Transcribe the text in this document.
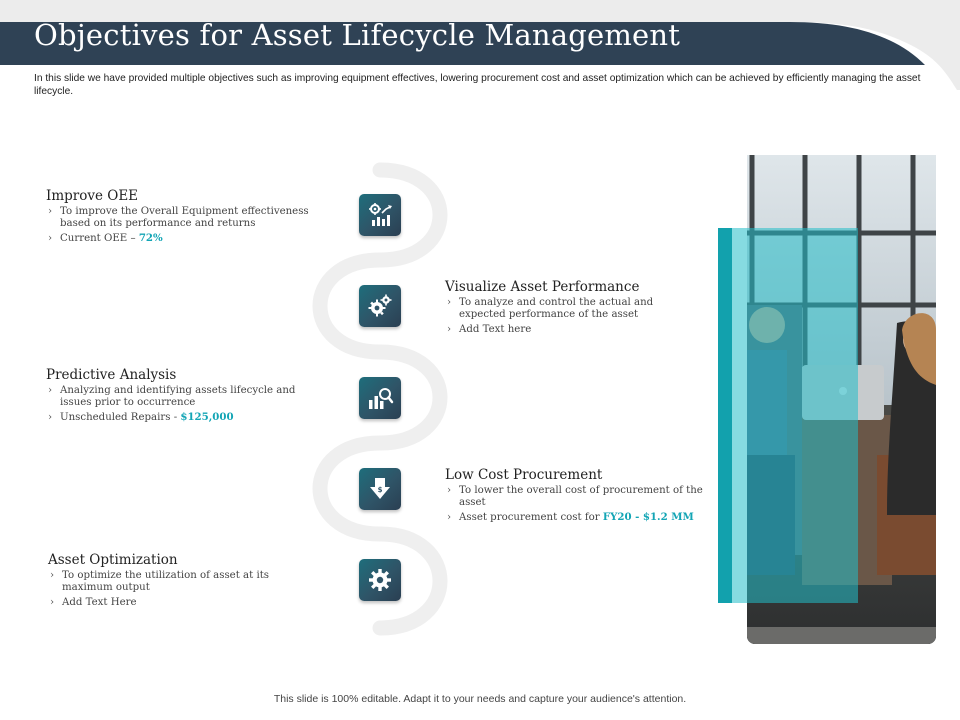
Objectives for Asset Lifecycle Management
In this slide we have provided multiple objectives such as improving equipment effectives, lowering procurement cost and asset optimization which can be achieved by efficiently managing the asset lifecycle.
$
Improve OEE
› To improve the Overall Equipment effectiveness based on its performance and returns
› Current OEE – 72%
Visualize Asset Performance
› To analyze and control the actual and expected performance of the asset
› Add Text here
Predictive Analysis
› Analyzing and identifying assets lifecycle and issues prior to occurrence
› Unscheduled Repairs - $125,000
Low Cost Procurement
› To lower the overall cost of procurement of the asset
› Asset procurement cost for FY20 - $1.2 MM
Asset Optimization
› To optimize the utilization of asset at its maximum output
› Add Text Here
This slide is 100% editable. Adapt it to your needs and capture your audience's attention.
